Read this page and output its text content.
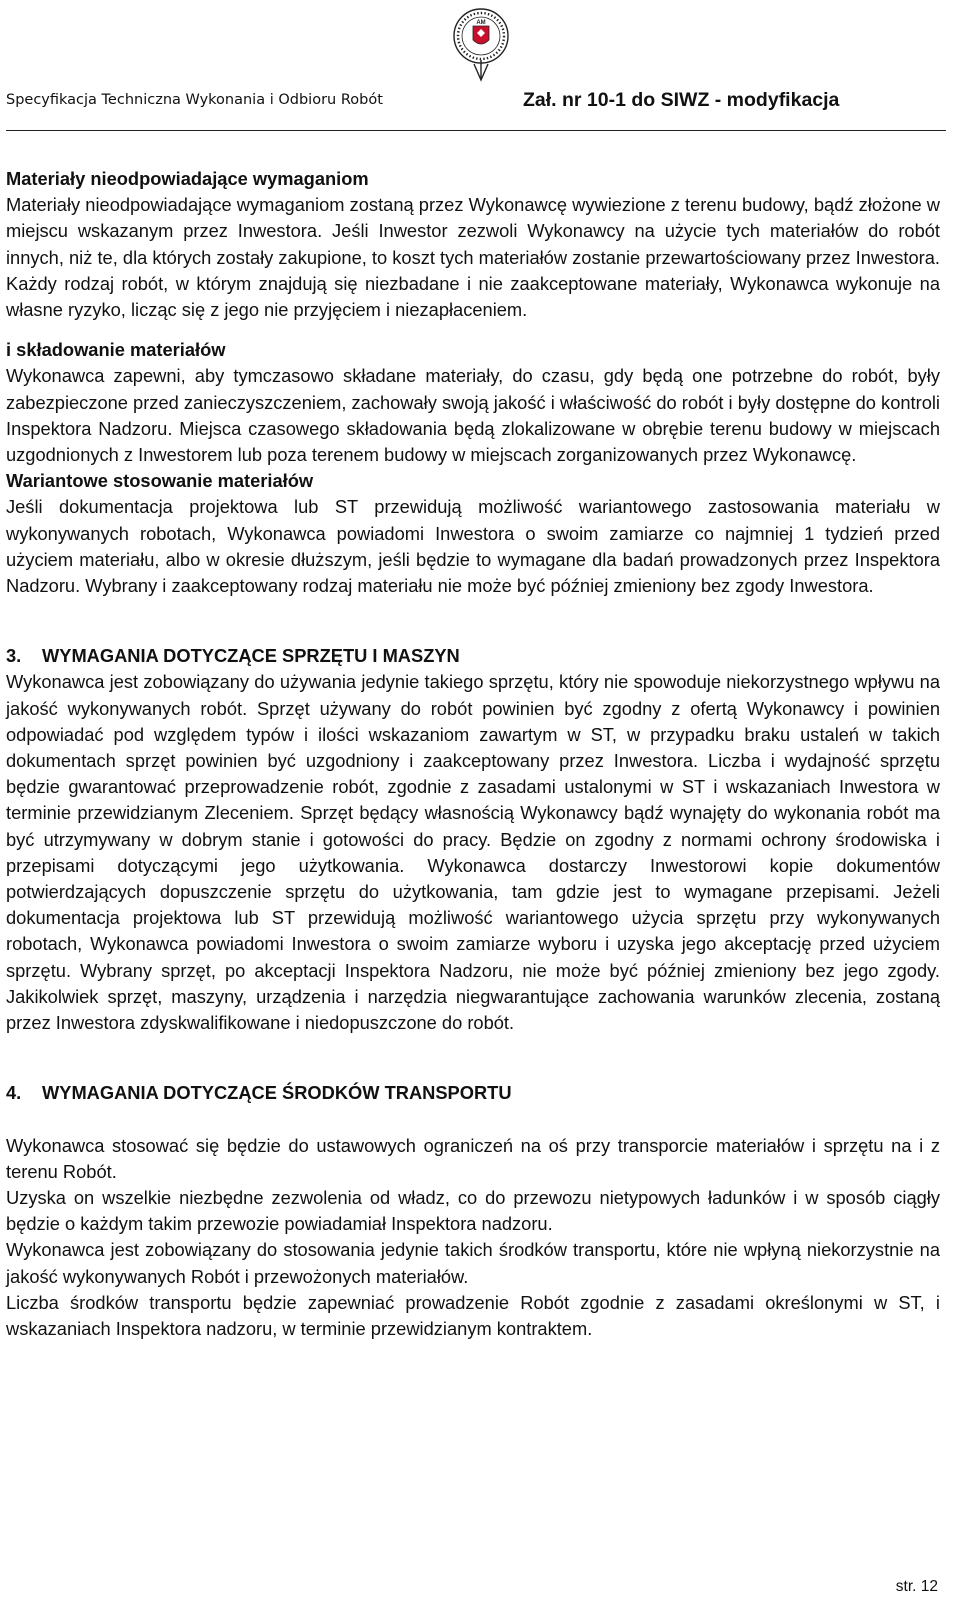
AM
Specyfikacja Techniczna Wykonania i Odbioru Robót	Zał. nr 10-1 do SIWZ - modyfikacja

Materiały nieodpowiadające wymaganiom

Materiały nieodpowiadające wymaganiom zostaną przez Wykonawcę wywiezione z terenu budowy, bądź złożone w miejscu wskazanym przez Inwestora. Jeśli Inwestor zezwoli Wykonawcy na użycie tych materiałów do robót innych, niż te, dla których zostały zakupione, to koszt tych materiałów zostanie przewartościowany przez Inwestora. Każdy rodzaj robót, w którym znajdują się niezbadane i nie zaakceptowane materiały, Wykonawca wykonuje na własne ryzyko, licząc się z jego nie przyjęciem i niezapłaceniem.

i składowanie materiałów

Wykonawca zapewni, aby tymczasowo składane materiały, do czasu, gdy będą one potrzebne do robót, były zabezpieczone przed zanieczyszczeniem, zachowały swoją jakość i właściwość do robót i były dostępne do kontroli Inspektora Nadzoru. Miejsca czasowego składowania będą zlokalizowane w obrębie terenu budowy w miejscach uzgodnionych z Inwestorem lub poza terenem budowy w miejscach zorganizowanych przez Wykonawcę.

Wariantowe stosowanie materiałów

Jeśli dokumentacja projektowa lub ST przewidują możliwość wariantowego zastosowania materiału w wykonywanych robotach, Wykonawca powiadomi Inwestora o swoim zamiarze co najmniej 1 tydzień przed użyciem materiału, albo w okresie dłuższym, jeśli będzie to wymagane dla badań prowadzonych przez Inspektora Nadzoru. Wybrany i zaakceptowany rodzaj materiału nie może być później zmieniony bez zgody Inwestora.

3. WYMAGANIA DOTYCZĄCE SPRZĘTU I MASZYN

Wykonawca jest zobowiązany do używania jedynie takiego sprzętu, który nie spowoduje niekorzystnego wpływu na jakość wykonywanych robót. Sprzęt używany do robót powinien być zgodny z ofertą Wykonawcy i powinien odpowiadać pod względem typów i ilości wskazaniom zawartym w ST, w przypadku braku ustaleń w takich dokumentach sprzęt powinien być uzgodniony i zaakceptowany przez Inwestora. Liczba i wydajność sprzętu będzie gwarantować przeprowadzenie robót, zgodnie z zasadami ustalonymi w ST i wskazaniach Inwestora w terminie przewidzianym Zleceniem. Sprzęt będący własnością Wykonawcy bądź wynajęty do wykonania robót ma być utrzymywany w dobrym stanie i gotowości do pracy. Będzie on zgodny z normami ochrony środowiska i przepisami dotyczącymi jego użytkowania. Wykonawca dostarczy Inwestorowi kopie dokumentów potwierdzających dopuszczenie sprzętu do użytkowania, tam gdzie jest to wymagane przepisami. Jeżeli dokumentacja projektowa lub ST przewidują możliwość wariantowego użycia sprzętu przy wykonywanych robotach, Wykonawca powiadomi Inwestora o swoim zamiarze wyboru i uzyska jego akceptację przed użyciem sprzętu. Wybrany sprzęt, po akceptacji Inspektora Nadzoru, nie może być później zmieniony bez jego zgody. Jakikolwiek sprzęt, maszyny, urządzenia i narzędzia niegwarantujące zachowania warunków zlecenia, zostaną przez Inwestora zdyskwalifikowane i niedopuszczone do robót.

4. WYMAGANIA DOTYCZĄCE ŚRODKÓW TRANSPORTU

Wykonawca stosować się będzie do ustawowych ograniczeń na oś przy transporcie materiałów i sprzętu na i z terenu Robót.

Uzyska on wszelkie niezbędne zezwolenia od władz, co do przewozu nietypowych ładunków i w sposób ciągły będzie o każdym takim przewozie powiadamiał Inspektora nadzoru.

Wykonawca jest zobowiązany do stosowania jedynie takich środków transportu, które nie wpłyną niekorzystnie na jakość wykonywanych Robót i przewożonych materiałów.

Liczba środków transportu będzie zapewniać prowadzenie Robót zgodnie z zasadami określonymi w ST, i wskazaniach Inspektora nadzoru, w terminie przewidzianym kontraktem.

str. 12
